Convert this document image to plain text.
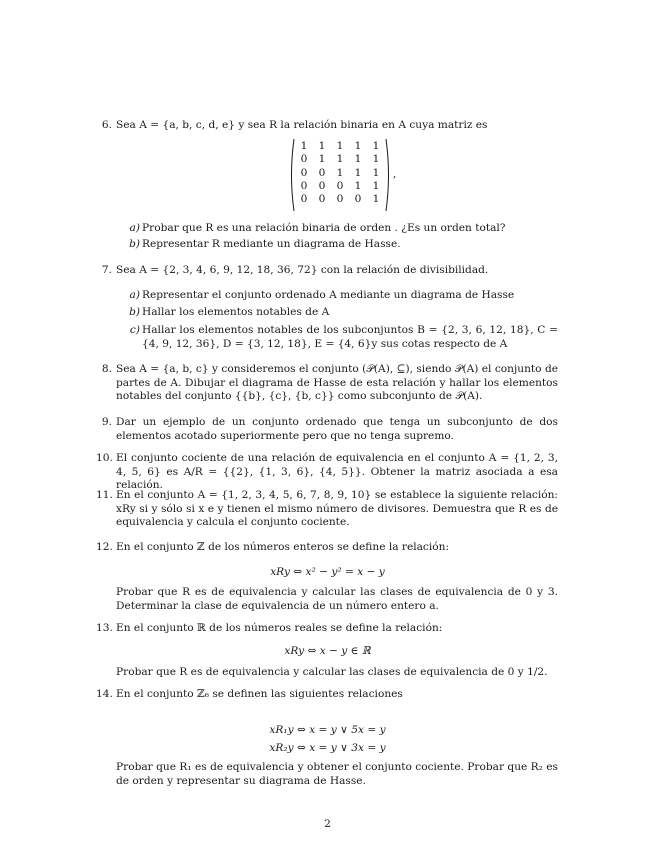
6. Sea A = {a, b, c, d, e} y sea R la relación binaria en A cuya matriz es
1	1	1	1	1
0	1	1	1	1
0	0	1	1	1
0	0	0	1	1
0	0	0	0	1
,
a) Probar que R es una relación binaria de orden . ¿Es un orden total?
b) Representar R mediante un diagrama de Hasse.
7. Sea A = {2, 3, 4, 6, 9, 12, 18, 36, 72} con la relación de divisibilidad.
a) Representar el conjunto ordenado A mediante un diagrama de Hasse
b) Hallar los elementos notables de A
c) Hallar los elementos notables de los subconjuntos B = {2, 3, 6, 12, 18}, C = {4, 9, 12, 36}, D = {3, 12, 18}, E = {4, 6}y sus cotas respecto de A
8. Sea A = {a, b, c} y consideremos el conjunto (𝒫(A), ⊆), siendo 𝒫(A) el conjunto de partes de A. Dibujar el diagrama de Hasse de esta relación y hallar los elementos notables del conjunto {{b}, {c}, {b, c}} como subconjunto de 𝒫(A).
9. Dar un ejemplo de un conjunto ordenado que tenga un subconjunto de dos elementos acotado superiormente pero que no tenga supremo.
10. El conjunto cociente de una relación de equivalencia en el conjunto A = {1, 2, 3, 4, 5, 6} es A/R = {{2}, {1, 3, 6}, {4, 5}}. Obtener la matriz asociada a esa relación.
11. En el conjunto A = {1, 2, 3, 4, 5, 6, 7, 8, 9, 10} se establece la siguiente relación: xRy si y sólo si x e y tienen el mismo número de divisores. Demuestra que R es de equivalencia y calcula el conjunto cociente.
12. En el conjunto ℤ de los números enteros se define la relación:
xRy ⇔ x² − y² = x − y
Probar que R es de equivalencia y calcular las clases de equivalencia de 0 y 3. Determinar la clase de equivalencia de un número entero a.
13. En el conjunto ℝ de los números reales se define la relación:
xRy ⇔ x − y ∈ ℝ
Probar que R es de equivalencia y calcular las clases de equivalencia de 0 y 1/2.
14. En el conjunto ℤ₆ se definen las siguientes relaciones
xR₁y ⇔ x = y ∨ 5x = y
xR₂y ⇔ x = y ∨ 3x = y
Probar que R₁ es de equivalencia y obtener el conjunto cociente. Probar que R₂ es de orden y representar su diagrama de Hasse.
2
